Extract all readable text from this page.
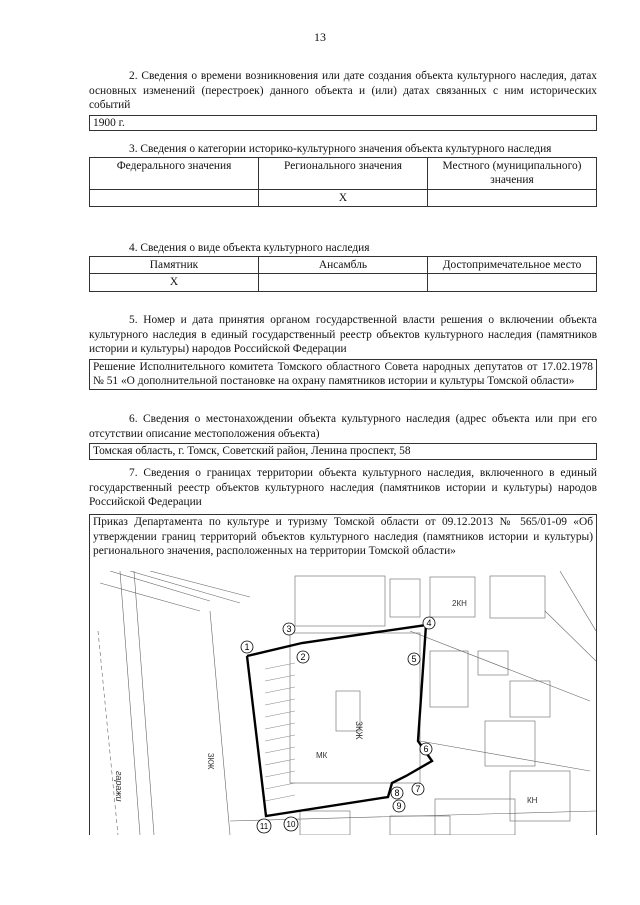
13

2. Сведения о времени возникновения или дате создания объекта культурного наследия, датах основных изменений (перестроек) данного объекта и (или) датах связанных с ним исторических событий

1900 г.

3. Сведения о категории историко-культурного значения объекта культурного наследия

Федерального значения	Регионального значения	Местного (муниципального) значения
	X	

4. Сведения о виде объекта культурного наследия

Памятник	Ансамбль	Достопримечательное место
X		

5. Номер и дата принятия органом государственной власти решения о включении объекта культурного наследия в единый государственный реестр объектов культурного наследия (памятников истории и культуры) народов Российской Федерации

Решение Исполнительного комитета Томского областного Совета народных депутатов от 17.02.1978 № 51 «О дополнительной постановке на охрану памятников истории и культуры Томской области»

6. Сведения о местонахождении объекта культурного наследия (адрес объекта или при его отсутствии описание местоположения объекта)

Томская область, г. Томск, Советский район, Ленина проспект, 58

7. Сведения о границах территории объекта культурного наследия, включенного в единый государственный реестр объектов культурного наследия (памятников истории и культуры) народов Российской Федерации

Приказ Департамента по культуре и туризму Томской области от 09.12.2013 № 565/01-09 «Об утверждении границ территорий объектов культурного наследия (памятников истории и культуры) регионального значения, расположенных на территории Томской области»
3КЖ
МК
КН
2КН
3КЖ
гаражи
1
2
3
4
5
6
7
8
9
10
11
